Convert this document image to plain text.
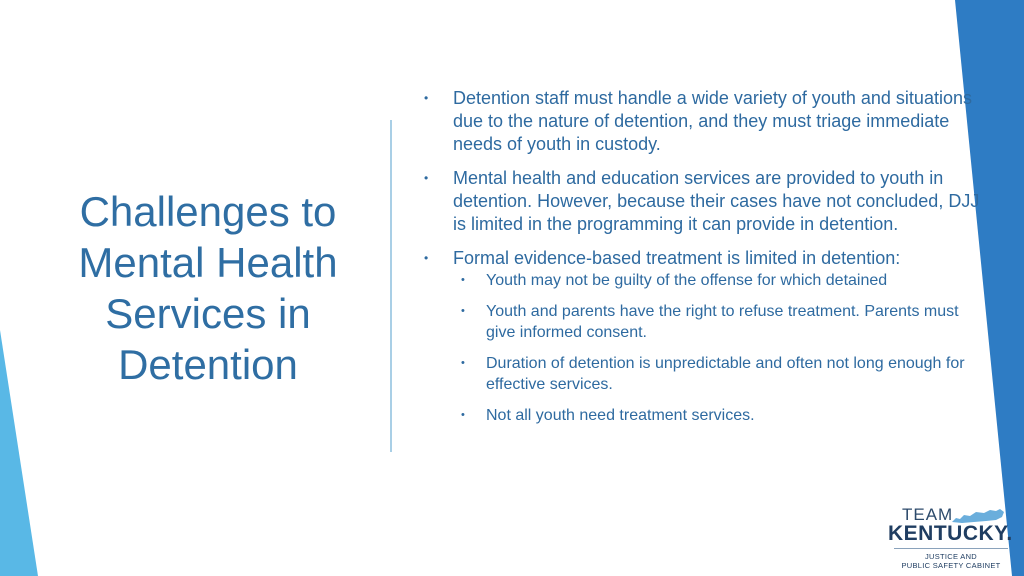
Challenges to
Mental Health
Services in
Detention
• Detention staff must handle a wide variety of youth and situations due to the nature of detention, and they must triage immediate needs of youth in custody.
• Mental health and education services are provided to youth in detention. However, because their cases have not concluded, DJJ is limited in the programming it can provide in detention.
• Formal evidence-based treatment is limited in detention:
• Youth may not be guilty of the offense for which detained
• Youth and parents have the right to refuse treatment. Parents must give informed consent.
• Duration of detention is unpredictable and often not long enough for effective services.
• Not all youth need treatment services.
TEAM
KENTUCKY.
JUSTICE AND
PUBLIC SAFETY CABINET
